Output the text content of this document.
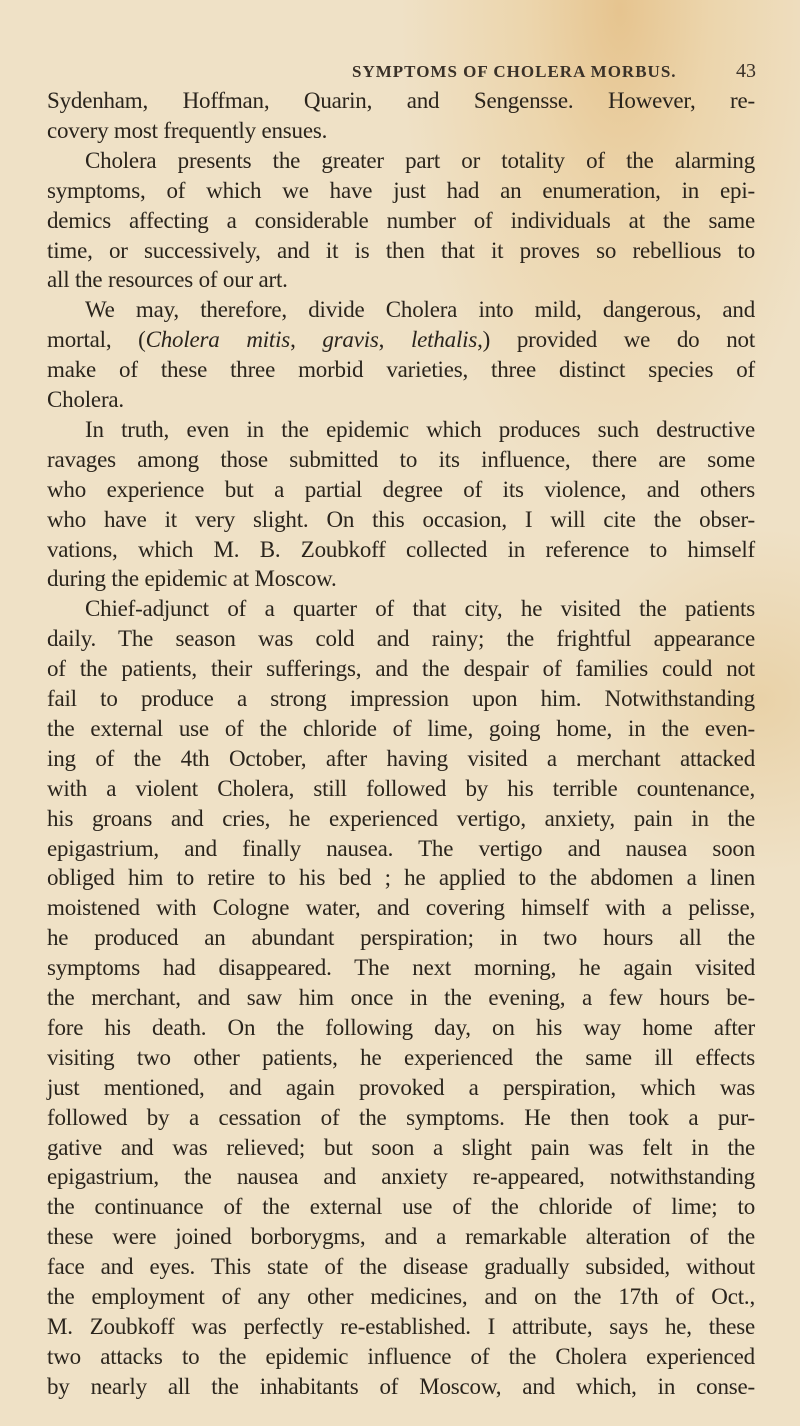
SYMPTOMS OF CHOLERA MORBUS.	43
Sydenham, Hoffman, Quarin, and Sengensse. However, re-
covery most frequently ensues.
Cholera presents the greater part or totality of the alarming
symptoms, of which we have just had an enumeration, in epi-
demics affecting a considerable number of individuals at the same
time, or successively, and it is then that it proves so rebellious to
all the resources of our art.
We may, therefore, divide Cholera into mild, dangerous, and
mortal, (Cholera mitis, gravis, lethalis,) provided we do not
make of these three morbid varieties, three distinct species of
Cholera.
In truth, even in the epidemic which produces such destructive
ravages among those submitted to its influence, there are some
who experience but a partial degree of its violence, and others
who have it very slight. On this occasion, I will cite the obser-
vations, which M. B. Zoubkoff collected in reference to himself
during the epidemic at Moscow.
Chief-adjunct of a quarter of that city, he visited the patients
daily. The season was cold and rainy; the frightful appearance
of the patients, their sufferings, and the despair of families could not
fail to produce a strong impression upon him. Notwithstanding
the external use of the chloride of lime, going home, in the even-
ing of the 4th October, after having visited a merchant attacked
with a violent Cholera, still followed by his terrible countenance,
his groans and cries, he experienced vertigo, anxiety, pain in the
epigastrium, and finally nausea. The vertigo and nausea soon
obliged him to retire to his bed ; he applied to the abdomen a linen
moistened with Cologne water, and covering himself with a pelisse,
he produced an abundant perspiration; in two hours all the
symptoms had disappeared. The next morning, he again visited
the merchant, and saw him once in the evening, a few hours be-
fore his death. On the following day, on his way home after
visiting two other patients, he experienced the same ill effects
just mentioned, and again provoked a perspiration, which was
followed by a cessation of the symptoms. He then took a pur-
gative and was relieved; but soon a slight pain was felt in the
epigastrium, the nausea and anxiety re-appeared, notwithstanding
the continuance of the external use of the chloride of lime; to
these were joined borborygms, and a remarkable alteration of the
face and eyes. This state of the disease gradually subsided, without
the employment of any other medicines, and on the 17th of Oct.,
M. Zoubkoff was perfectly re-established. I attribute, says he, these
two attacks to the epidemic influence of the Cholera experienced
by nearly all the inhabitants of Moscow, and which, in conse-
